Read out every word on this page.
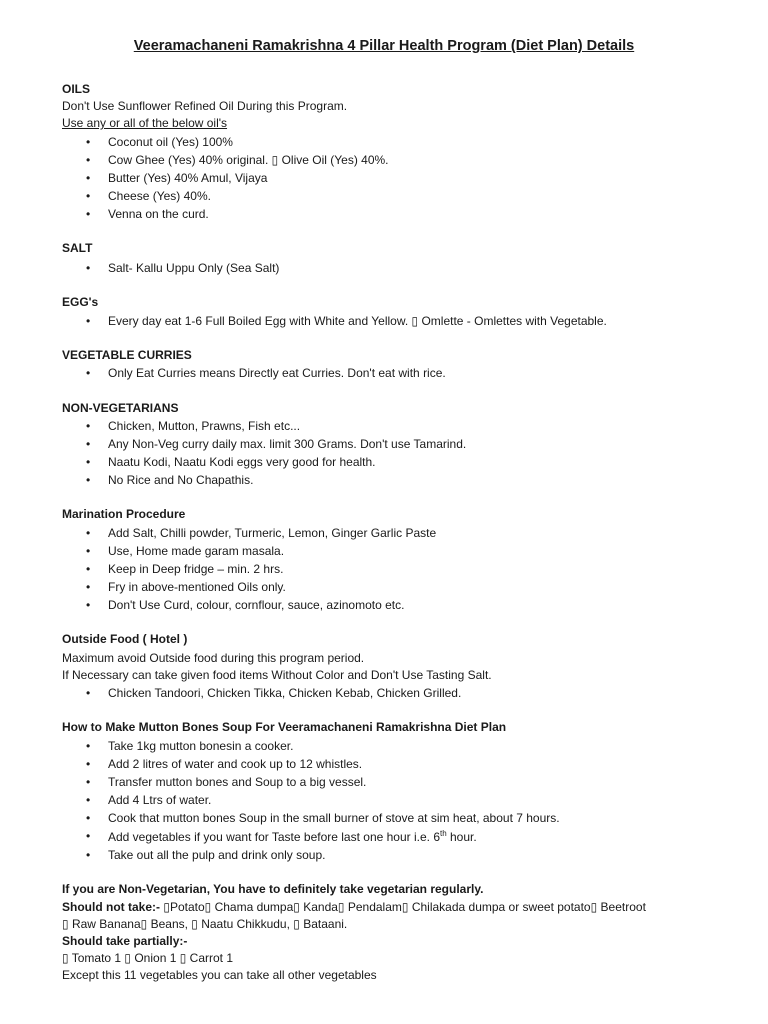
Veeramachaneni Ramakrishna 4 Pillar Health Program (Diet Plan) Details
OILS
Don't Use Sunflower Refined Oil During this Program.
Use any or all of the below oil's
• Coconut oil (Yes) 100%
• Cow Ghee (Yes) 40% original. ▯ Olive Oil (Yes) 40%.
• Butter (Yes) 40% Amul, Vijaya
• Cheese (Yes) 40%.
• Venna on the curd.
SALT
• Salt- Kallu Uppu Only (Sea Salt)
EGG's
• Every day eat 1-6 Full Boiled Egg with White and Yellow. ▯ Omlette - Omlettes with Vegetable.
VEGETABLE CURRIES
• Only Eat Curries means Directly eat Curries. Don't eat with rice.
NON-VEGETARIANS
• Chicken, Mutton, Prawns, Fish etc...
• Any Non-Veg curry daily max. limit 300 Grams. Don't use Tamarind.
• Naatu Kodi, Naatu Kodi eggs very good for health.
• No Rice and No Chapathis.
Marination Procedure
• Add Salt, Chilli powder, Turmeric, Lemon, Ginger Garlic Paste
• Use, Home made garam masala.
• Keep in Deep fridge – min. 2 hrs.
• Fry in above-mentioned Oils only.
• Don't Use Curd, colour, cornflour, sauce, azinomoto etc.
Outside Food ( Hotel )
Maximum avoid Outside food during this program period.
If Necessary can take given food items Without Color and Don't Use Tasting Salt.
• Chicken Tandoori, Chicken Tikka, Chicken Kebab, Chicken Grilled.
How to Make Mutton Bones Soup For Veeramachaneni Ramakrishna Diet Plan
• Take 1kg mutton bonesin a cooker.
• Add 2 litres of water and cook up to 12 whistles.
• Transfer mutton bones and Soup to a big vessel.
• Add 4 Ltrs of water.
• Cook that mutton bones Soup in the small burner of stove at sim heat, about 7 hours.
• Add vegetables if you want for Taste before last one hour i.e. 6th hour.
• Take out all the pulp and drink only soup.
If you are Non-Vegetarian, You have to definitely take vegetarian regularly.
Should not take:- ▯Potato▯ Chama dumpa▯ Kanda▯ Pendalam▯ Chilakada dumpa or sweet potato▯ Beetroot
▯ Raw Banana▯ Beans, ▯ Naatu Chikkudu, ▯ Bataani.
Should take partially:-
▯ Tomato 1 ▯ Onion 1 ▯ Carrot 1
Except this 11 vegetables you can take all other vegetables
